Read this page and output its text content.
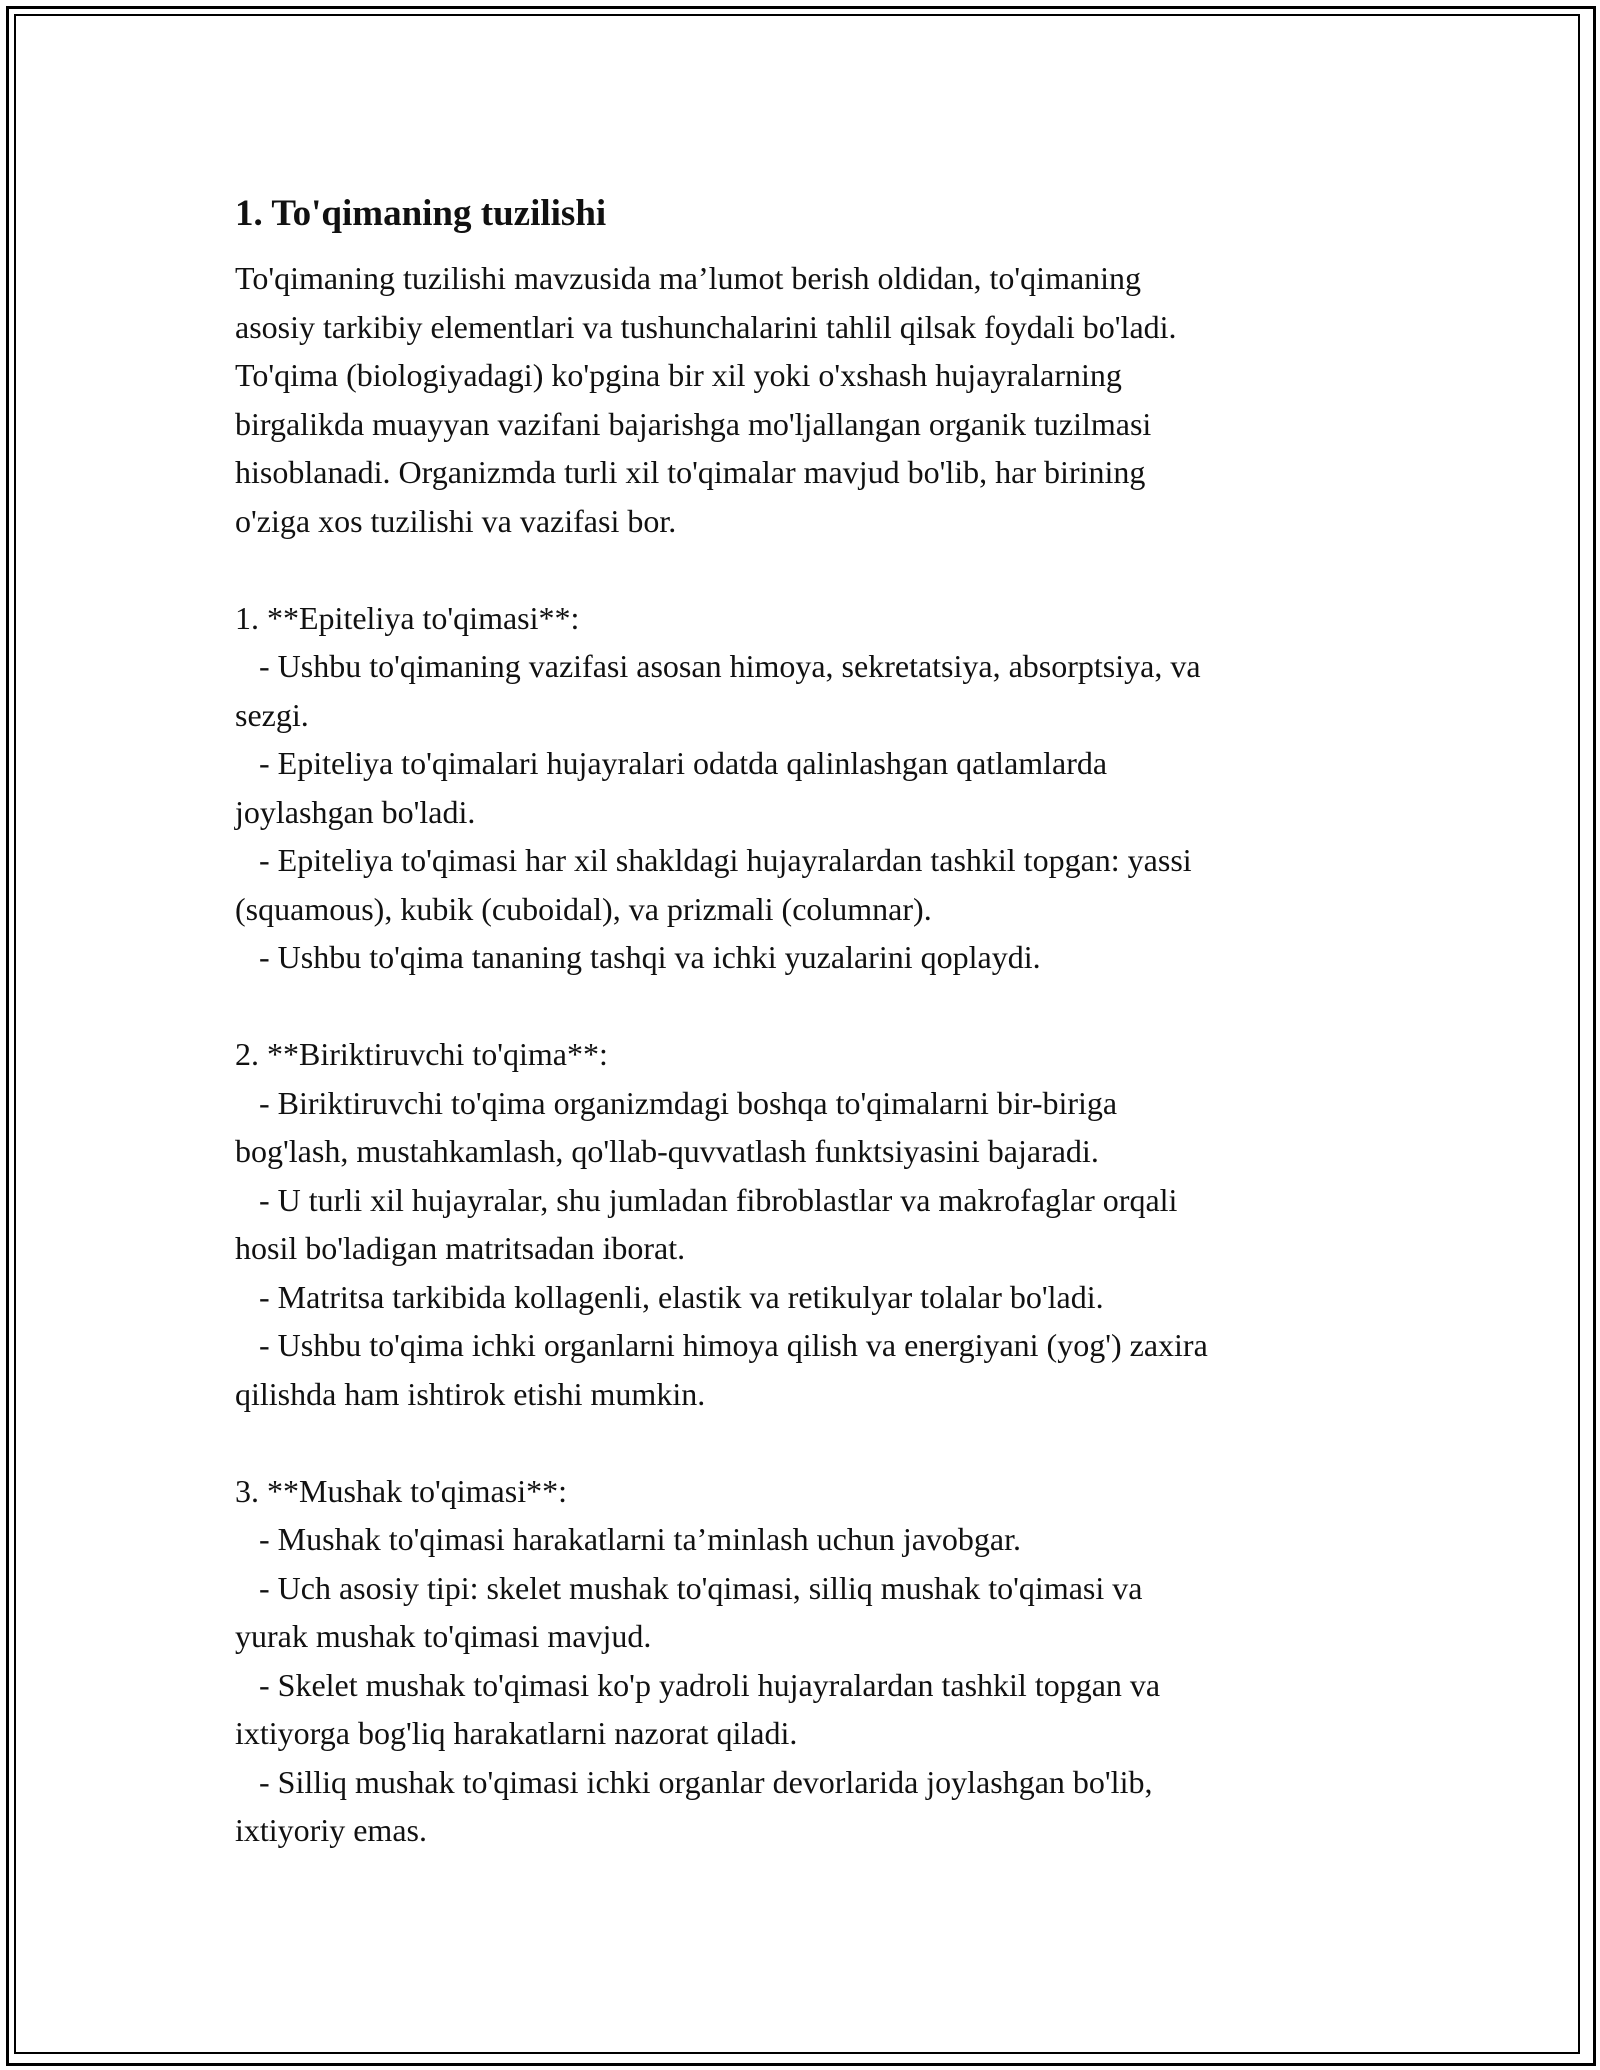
1. To'qimaning tuzilishi

To'qimaning tuzilishi mavzusida ma’lumot berish oldidan, to'qimaning
asosiy tarkibiy elementlari va tushunchalarini tahlil qilsak foydali bo'ladi.
To'qima (biologiyadagi) ko'pgina bir xil yoki o'xshash hujayralarning
birgalikda muayyan vazifani bajarishga mo'ljallangan organik tuzilmasi
hisoblanadi. Organizmda turli xil to'qimalar mavjud bo'lib, har birining
o'ziga xos tuzilishi va vazifasi bor.

1. **Epiteliya to'qimasi**:
- Ushbu to'qimaning vazifasi asosan himoya, sekretatsiya, absorptsiya, va
sezgi.
- Epiteliya to'qimalari hujayralari odatda qalinlashgan qatlamlarda
joylashgan bo'ladi.
- Epiteliya to'qimasi har xil shakldagi hujayralardan tashkil topgan: yassi
(squamous), kubik (cuboidal), va prizmali (columnar).
- Ushbu to'qima tananing tashqi va ichki yuzalarini qoplaydi.

2. **Biriktiruvchi to'qima**:
- Biriktiruvchi to'qima organizmdagi boshqa to'qimalarni bir-biriga
bog'lash, mustahkamlash, qo'llab-quvvatlash funktsiyasini bajaradi.
- U turli xil hujayralar, shu jumladan fibroblastlar va makrofaglar orqali
hosil bo'ladigan matritsadan iborat.
- Matritsa tarkibida kollagenli, elastik va retikulyar tolalar bo'ladi.
- Ushbu to'qima ichki organlarni himoya qilish va energiyani (yog') zaxira
qilishda ham ishtirok etishi mumkin.

3. **Mushak to'qimasi**:
- Mushak to'qimasi harakatlarni ta’minlash uchun javobgar.
- Uch asosiy tipi: skelet mushak to'qimasi, silliq mushak to'qimasi va
yurak mushak to'qimasi mavjud.
- Skelet mushak to'qimasi ko'p yadroli hujayralardan tashkil topgan va
ixtiyorga bog'liq harakatlarni nazorat qiladi.
- Silliq mushak to'qimasi ichki organlar devorlarida joylashgan bo'lib,
ixtiyoriy emas.
